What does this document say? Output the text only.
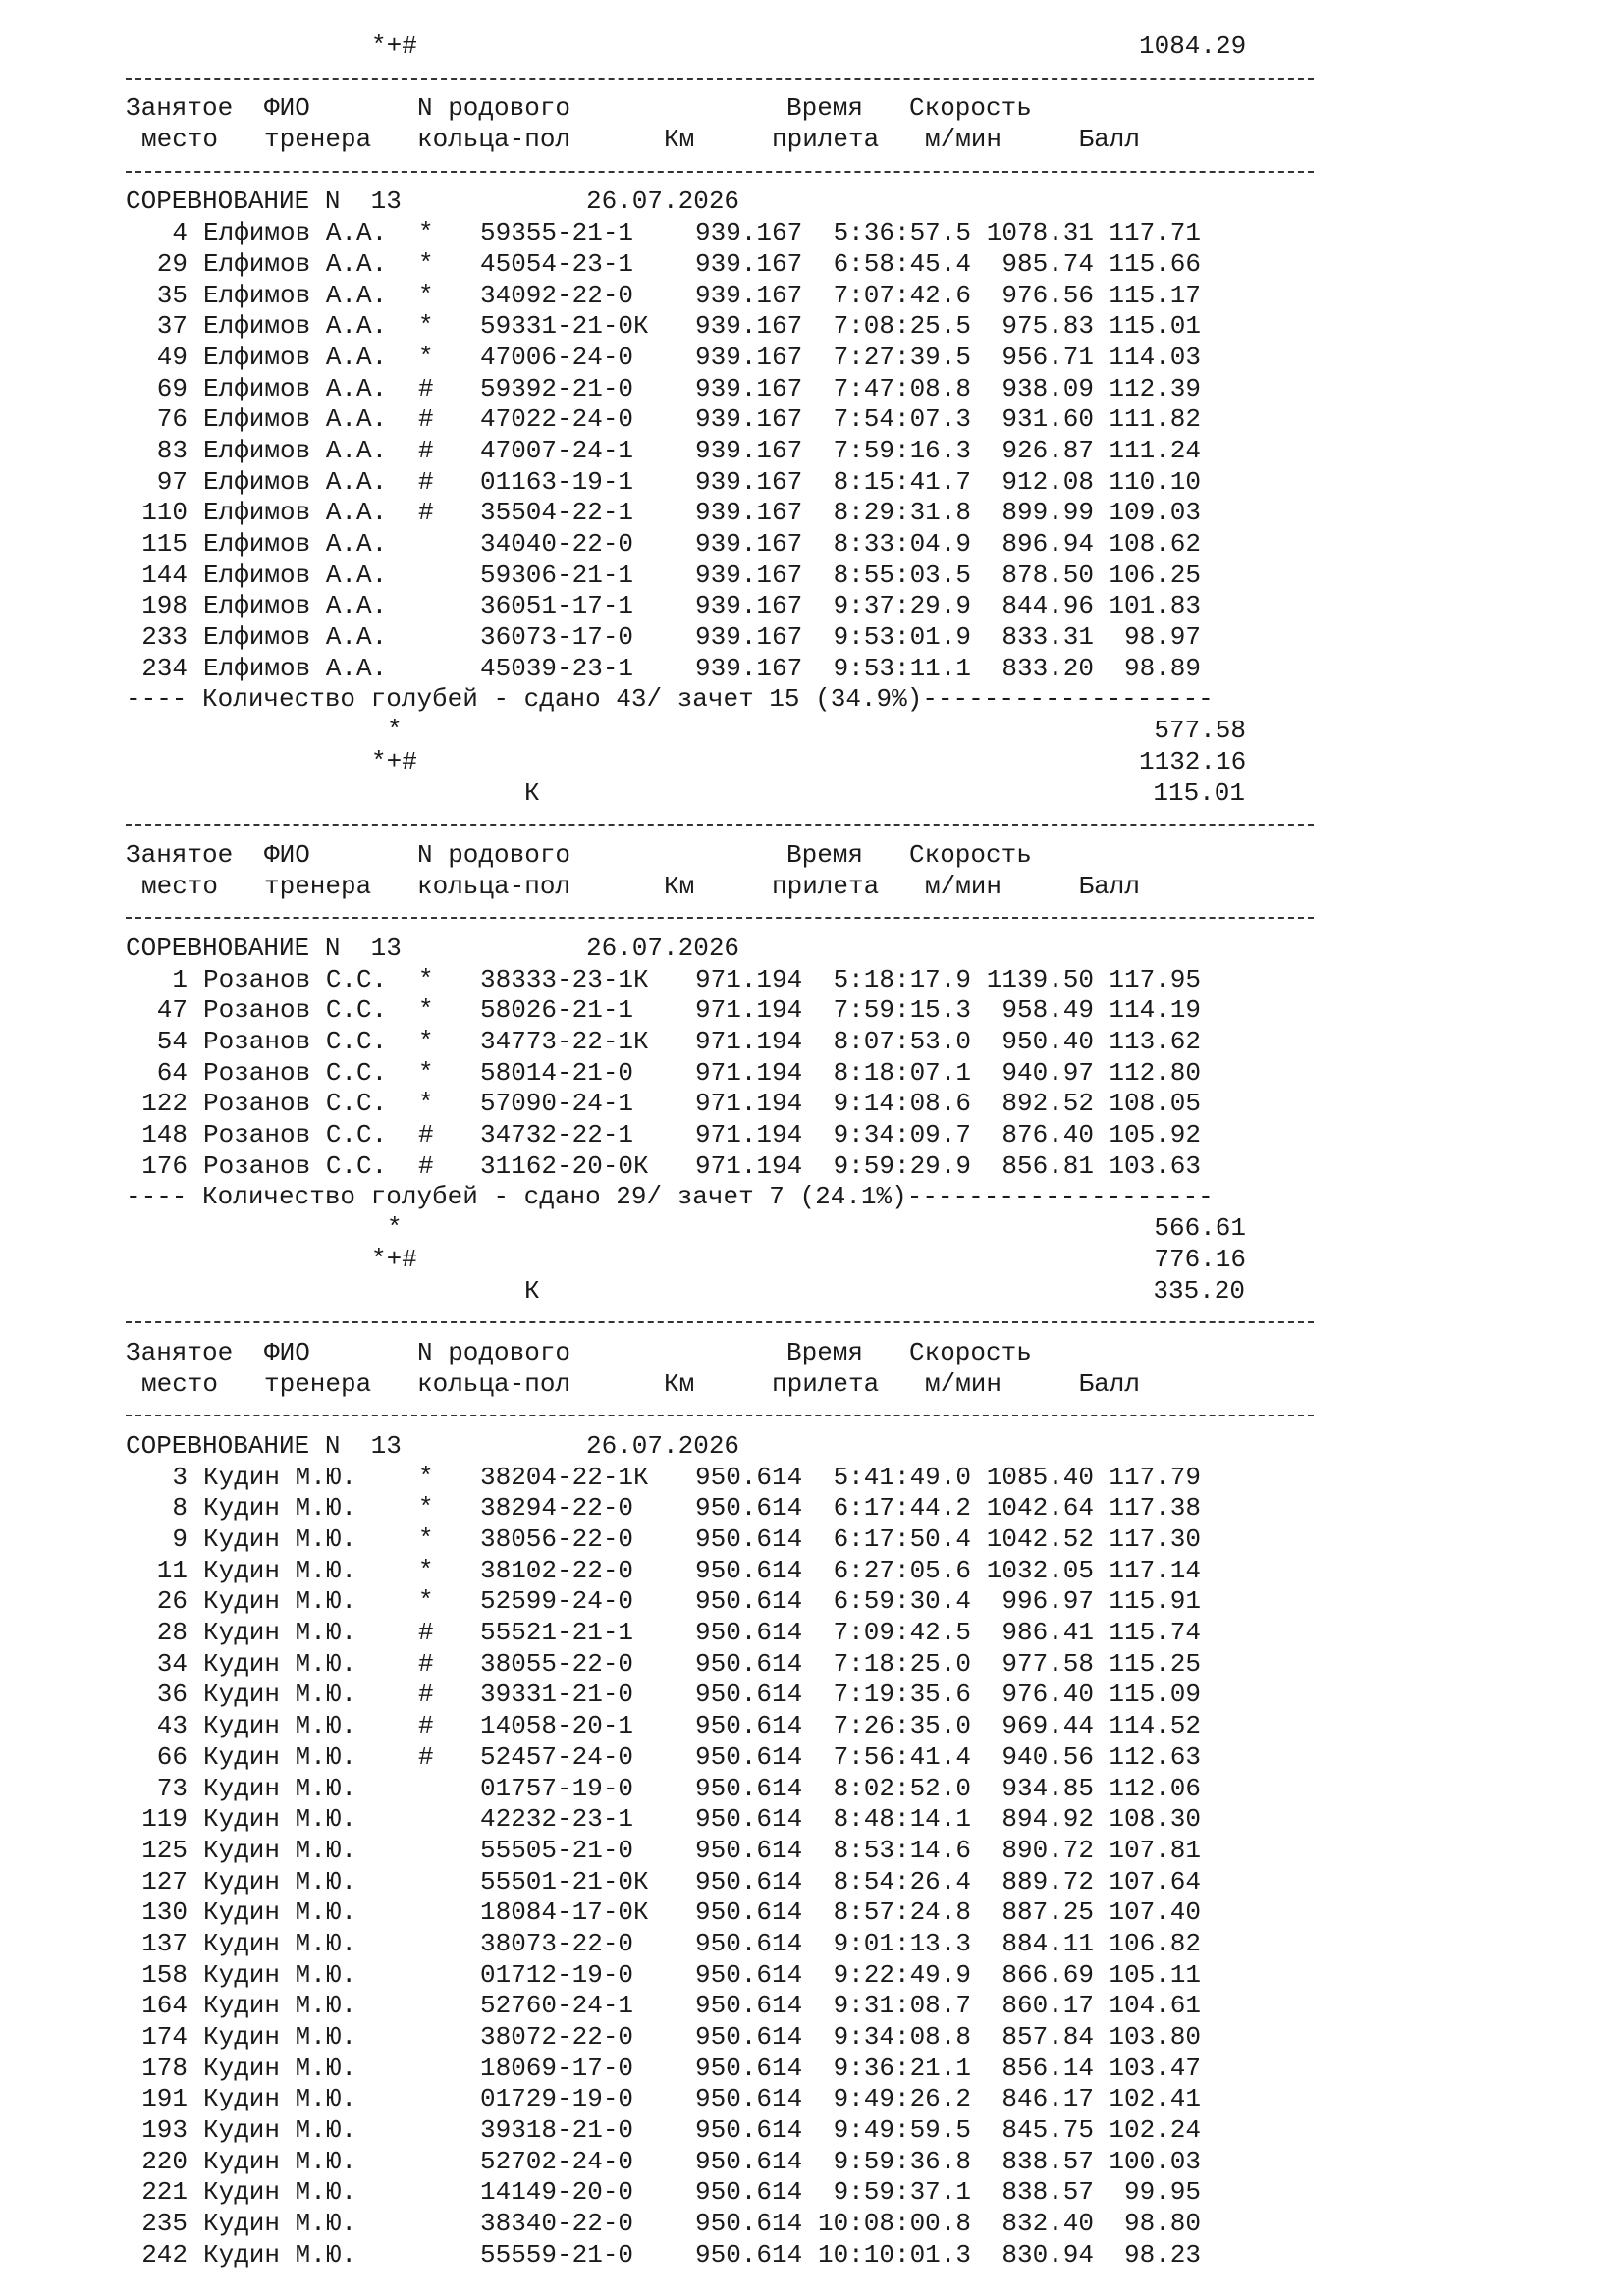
*+#	1084.29
Занятое ФИО	N родового	Время Скорость
место тренера кольца-пол	Км	прилета м/мин	Балл
СОРЕВНОВАНИЕ N  13	26.07.2026
4 Елфимов А.А. * 59355-21-1 939.167 5:36:57.5 1078.31 117.71
29 Елфимов А.А. * 45054-23-1 939.167 6:58:45.4 985.74 115.66
35 Елфимов А.А. * 34092-22-0 939.167 7:07:42.6 976.56 115.17
37 Елфимов А.А. * 59331-21-0К 939.167 7:08:25.5 975.83 115.01
49 Елфимов А.А. * 47006-24-0 939.167 7:27:39.5 956.71 114.03
69 Елфимов А.А. # 59392-21-0 939.167 7:47:08.8 938.09 112.39
76 Елфимов А.А. # 47022-24-0 939.167 7:54:07.3 931.60 111.82
83 Елфимов А.А. # 47007-24-1 939.167 7:59:16.3 926.87 111.24
97 Елфимов А.А. # 01163-19-1 939.167 8:15:41.7 912.08 110.10
110 Елфимов А.А. # 35504-22-1 939.167 8:29:31.8 899.99 109.03
115 Елфимов А.А.	34040-22-0 939.167 8:33:04.9 896.94 108.62
144 Елфимов А.А.	59306-21-1 939.167 8:55:03.5 878.50 106.25
198 Елфимов А.А.	36051-17-1 939.167 9:37:29.9 844.96 101.83
233 Елфимов А.А.	36073-17-0 939.167 9:53:01.9 833.31 98.97
234 Елфимов А.А.	45039-23-1 939.167 9:53:11.1 833.20 98.89
---- Количество голубей - сдано 43/ зачет 15 (34.9%)-------------------
*	577.58
*+#	1132.16
К	115.01
Занятое ФИО	N родового	Время Скорость
место тренера кольца-пол	Км	прилета м/мин	Балл
СОРЕВНОВАНИЕ N  13	26.07.2026
1 Розанов С.С. * 38333-23-1К 971.194 5:18:17.9 1139.50 117.95
47 Розанов С.С. * 58026-21-1 971.194 7:59:15.3 958.49 114.19
54 Розанов С.С. * 34773-22-1К 971.194 8:07:53.0 950.40 113.62
64 Розанов С.С. * 58014-21-0 971.194 8:18:07.1 940.97 112.80
122 Розанов С.С. * 57090-24-1 971.194 9:14:08.6 892.52 108.05
148 Розанов С.С. # 34732-22-1 971.194 9:34:09.7 876.40 105.92
176 Розанов С.С. # 31162-20-0К 971.194 9:59:29.9 856.81 103.63
---- Количество голубей - сдано 29/ зачет 7 (24.1%)--------------------
*	566.61
*+#	776.16
К	335.20
Занятое ФИО	N родового	Время Скорость
место тренера кольца-пол	Км	прилета м/мин	Балл
СОРЕВНОВАНИЕ N  13	26.07.2026
3 Кудин М.Ю. * 38204-22-1К 950.614 5:41:49.0 1085.40 117.79
8 Кудин М.Ю. * 38294-22-0 950.614 6:17:44.2 1042.64 117.38
9 Кудин М.Ю. * 38056-22-0 950.614 6:17:50.4 1042.52 117.30
11 Кудин М.Ю. * 38102-22-0 950.614 6:27:05.6 1032.05 117.14
26 Кудин М.Ю. * 52599-24-0 950.614 6:59:30.4 996.97 115.91
28 Кудин М.Ю. # 55521-21-1 950.614 7:09:42.5 986.41 115.74
34 Кудин М.Ю. # 38055-22-0 950.614 7:18:25.0 977.58 115.25
36 Кудин М.Ю. # 39331-21-0 950.614 7:19:35.6 976.40 115.09
43 Кудин М.Ю. # 14058-20-1 950.614 7:26:35.0 969.44 114.52
66 Кудин М.Ю. # 52457-24-0 950.614 7:56:41.4 940.56 112.63
73 Кудин М.Ю.	01757-19-0 950.614 8:02:52.0 934.85 112.06
119 Кудин М.Ю.	42232-23-1 950.614 8:48:14.1 894.92 108.30
125 Кудин М.Ю.	55505-21-0 950.614 8:53:14.6 890.72 107.81
127 Кудин М.Ю.	55501-21-0К 950.614 8:54:26.4 889.72 107.64
130 Кудин М.Ю.	18084-17-0К 950.614 8:57:24.8 887.25 107.40
137 Кудин М.Ю.	38073-22-0 950.614 9:01:13.3 884.11 106.82
158 Кудин М.Ю.	01712-19-0 950.614 9:22:49.9 866.69 105.11
164 Кудин М.Ю.	52760-24-1 950.614 9:31:08.7 860.17 104.61
174 Кудин М.Ю.	38072-22-0 950.614 9:34:08.8 857.84 103.80
178 Кудин М.Ю.	18069-17-0 950.614 9:36:21.1 856.14 103.47
191 Кудин М.Ю.	01729-19-0 950.614 9:49:26.2 846.17 102.41
193 Кудин М.Ю.	39318-21-0 950.614 9:49:59.5 845.75 102.24
220 Кудин М.Ю.	52702-24-0 950.614 9:59:36.8 838.57 100.03
221 Кудин М.Ю.	14149-20-0 950.614 9:59:37.1 838.57 99.95
235 Кудин М.Ю.	38340-22-0 950.614 10:08:00.8 832.40 98.80
242 Кудин М.Ю.	55559-21-0 950.614 10:10:01.3 830.94 98.23
